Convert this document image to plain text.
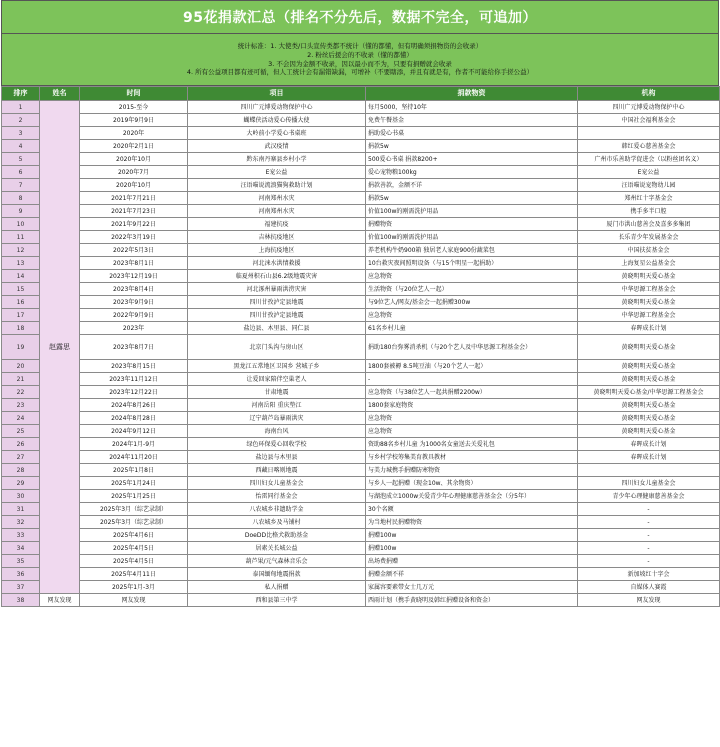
95花捐款汇总（排名不分先后，数据不完全，可追加）
统计标准：1. 大使类/口头宣传类都不统计（懂的都懂，但有明确须捐物资的会收录）
2. 粉丝后援会的不收录（懂的都懂）
3. 不会因为金额不收录，因以最小而不为，只要有捐赠就会收录
4. 所有公益项目都有迹可循，但人工统计会有漏错缺漏，可增补（不要瞎添，并且有就是有，作者不可能给你手搓公益）
排序	姓名	时间	项目	捐款物资	机构
1	赵露思	2015-至今	四川广元博爱动物保护中心	每月5000，坚持10年	四川广元博爱动物保护中心
2		2019年9月9日	蝴蝶侠活动爱心传播大使	免费午餐基金	中国社会福利基金会
3		2020年	大岭前小学爱心书桌班	捐助爱心书桌	
4		2020年2月1日	武汉疫情	捐款5w	韩红爱心慈善基金会
5		2020年10月	黔东南丹寨县乡村小学	500爱心书桌 捐款8200+	广州市乐善助学促进会（以粉丝团名义）
6		2020年7月	E宠公益	爱心宠物粮100kg	E宠公益
7		2020年10月	汪语喵说流浪猫狗救助计划	捐款善款，金额不详	汪语喵说宠物幼儿园
8		2021年7月21日	河南郑州水灾	捐款5w	郑州红十字基金会
9		2021年7月23日	河南郑州水灾	价值100w的刚需洗护用品	携手多半口腔
10		2021年9月22日	福建抗疫	捐赠物资	厦门市洪山慈善会及喜多多集团
11		2022年3月19日	吉林抗疫地区	价值100w的刚需洗护用品	长乐青少年发展基金会
12		2022年5月3日	上海抗疫地区	养老机构牛奶900箱 独居老人家庭900份蔬菜包	中国扶贫基金会
13		2023年8月1日	河北涞水洪情救援	10台救灾夜间照明设备（与15个明星一起捐助）	上海复星公益基金会
14		2023年12月19日	临夏州积石山县6.2级地震灾害	应急物资	黄晓明明天爱心基金
15		2023年8月4日	河北涿州暴雨洪涝灾害	生活物资（与20位艺人一起）	中华思源工程基金会
16		2023年9月9日	四川甘孜泸定县地震	与9位艺人/网友/基金会一起捐赠300w	黄晓明明天爱心基金
17		2022年9月9日	四川甘孜泸定县地震	应急物资	中华思源工程基金会
18		2023年	盐边县、木里县、同仁县	61名乡村儿童	春晖成长计划
19		2023年8月7日	北京门头沟与房山区	捐助180台弥雾消杀机（与20个艺人及中华思源工程基金会）	黄晓明明天爱心基金
20		2023年8月15日	黑龙江五常地区卫国乡 营城子乡	1800套被褥 8.5吨豆油（与20个艺人一起）	黄晓明明天爱心基金
21		2023年11月12日	让爱回家陪伴空巢老人	-	黄晓明明天爱心基金
22		2023年12月22日	甘肃地震	应急物资（与38位艺人一起共捐赠2200w）	黄晓明明天爱心基金/中华思源工程基金会
23		2024年8月26日	河南岳阳 重庆垫江	1800套家庭物资	黄晓明明天爱心基金
24		2024年8月28日	辽宁葫芦岛暴雨洪灾	应急物资	黄晓明明天爱心基金
25		2024年9月12日	海南台风	应急物资	黄晓明明天爱心基金
26		2024年1月-9月	绿色环保爱心回收学校	资助88名乡村儿童 为1000名女童送去关爱礼包	春晖成长计划
27		2024年11月20日	盐边县与木里县	与乡村学校筹集美育教具教材	春晖成长计划
28		2025年1月8日	西藏日喀则地震	与美力城携手捐赠防寒物资	
29		2025年1月24日	四川妇女儿童基金会	与乡人一起捐赠（现金10w、其余物资）	四川妇女儿童基金会
30		2025年1月25日	怡雷同行基金会	与湖泡成立1000w关爱青少年心理健康慈善基金会（分5年）	青少年心理健康慈善基金会
31		2025年3月（综艺录制）	八农城乡非遗助学金	30个名额	-
32		2025年3月（综艺录制）	八农城乡及马铺村	为当地村民捐赠物资	-
33		2025年4月6日	DoeDD比格犬救助基金	捐赠100w	-
34		2025年4月5日	居素关长城公益	捐赠100w	-
35		2025年4月5日	葫芦果/元气森林音乐会	出场费捐赠	-
36		2025年4月11日	泰国缅甸地震捐款	捐赠金额不祥	新加坡红十字会
37		2025年1月-3月	私人捐赠	家属容要素带女士几万元	自媒体人赛霞
38	网友发现	网友发现	西和县第三中学	西雨计划（携手黄晓明及韩红捐赠设备和资金）	网友发现
